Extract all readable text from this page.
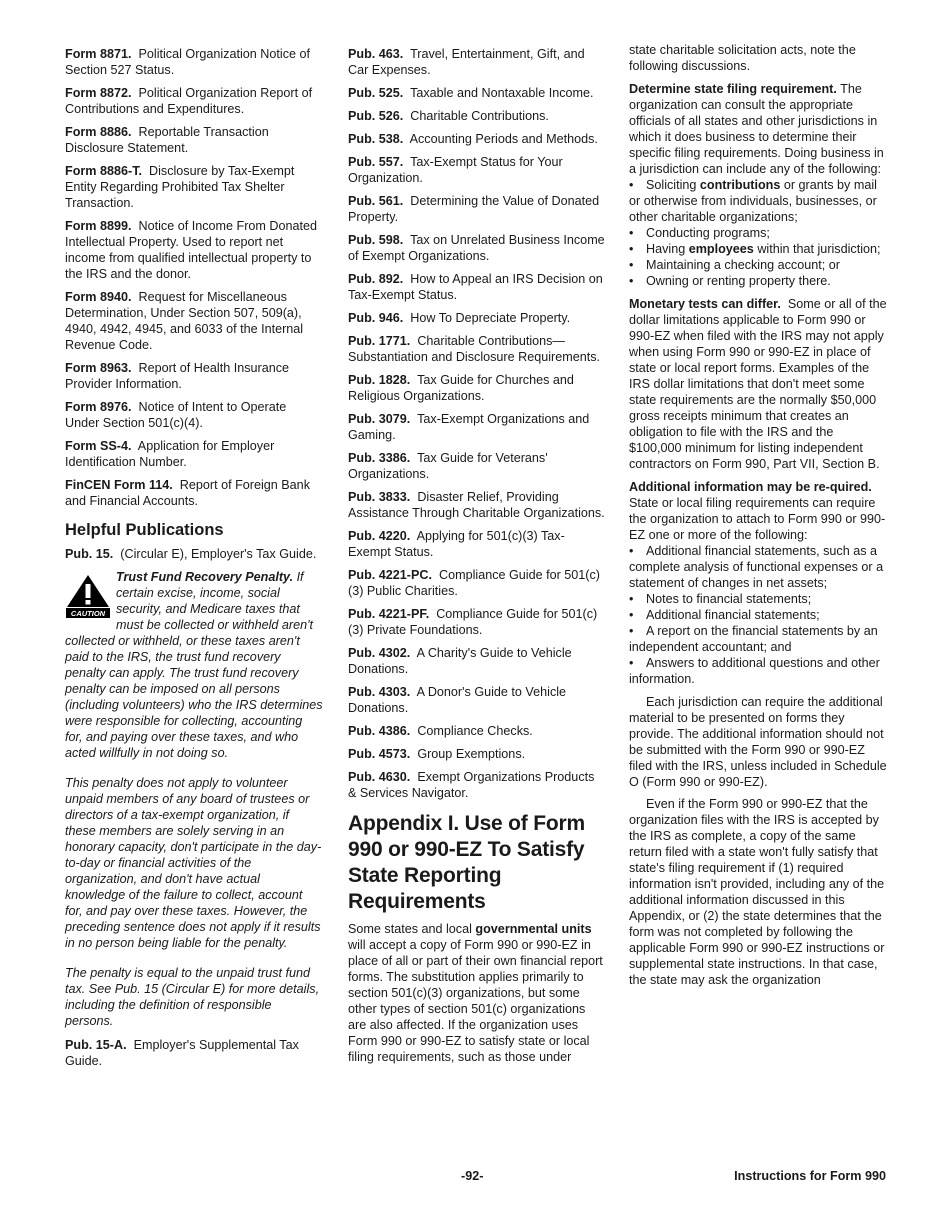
Form 8871. Political Organization Notice of Section 527 Status.

Form 8872. Political Organization Report of Contributions and Expenditures.

Form 8886. Reportable Transaction Disclosure Statement.

Form 8886-T. Disclosure by Tax-Exempt Entity Regarding Prohibited Tax Shelter Transaction.

Form 8899. Notice of Income From Donated Intellectual Property. Used to report net income from qualified intellectual property to the IRS and the donor.

Form 8940. Request for Miscellaneous Determination, Under Section 507, 509(a), 4940, 4942, 4945, and 6033 of the Internal Revenue Code.

Form 8963. Report of Health Insurance Provider Information.

Form 8976. Notice of Intent to Operate Under Section 501(c)(4).

Form SS-4. Application for Employer Identification Number.

FinCEN Form 114. Report of Foreign Bank and Financial Accounts.

Helpful Publications

Pub. 15. (Circular E), Employer's Tax Guide.

CAUTION
Trust Fund Recovery Penalty. If certain excise, income, social security, and Medicare taxes that must be collected or withheld aren't collected or withheld, or these taxes aren't paid to the IRS, the trust fund recovery penalty can apply. The trust fund recovery penalty can be imposed on all persons (including volunteers) who the IRS determines were responsible for collecting, accounting for, and paying over these taxes, and who acted willfully in not doing so.

This penalty does not apply to volunteer unpaid members of any board of trustees or directors of a tax-exempt organization, if these members are solely serving in an honorary capacity, don't participate in the day-to-day or financial activities of the organization, and don't have actual knowledge of the failure to collect, account for, and pay over these taxes. However, the preceding sentence does not apply if it results in no person being liable for the penalty.

The penalty is equal to the unpaid trust fund tax. See Pub. 15 (Circular E) for more details, including the definition of responsible persons.

Pub. 15-A. Employer's Supplemental Tax Guide.

Pub. 463. Travel, Entertainment, Gift, and Car Expenses.

Pub. 525. Taxable and Nontaxable Income.

Pub. 526. Charitable Contributions.

Pub. 538. Accounting Periods and Methods.

Pub. 557. Tax-Exempt Status for Your Organization.

Pub. 561. Determining the Value of Donated Property.

Pub. 598. Tax on Unrelated Business Income of Exempt Organizations.

Pub. 892. How to Appeal an IRS Decision on Tax-Exempt Status.

Pub. 946. How To Depreciate Property.

Pub. 1771. Charitable Contributions—Substantiation and Disclosure Requirements.

Pub. 1828. Tax Guide for Churches and Religious Organizations.

Pub. 3079. Tax-Exempt Organizations and Gaming.

Pub. 3386. Tax Guide for Veterans' Organizations.

Pub. 3833. Disaster Relief, Providing Assistance Through Charitable Organizations.

Pub. 4220. Applying for 501(c)(3) Tax-Exempt Status.

Pub. 4221-PC. Compliance Guide for 501(c)(3) Public Charities.

Pub. 4221-PF. Compliance Guide for 501(c)(3) Private Foundations.

Pub. 4302. A Charity's Guide to Vehicle Donations.

Pub. 4303. A Donor's Guide to Vehicle Donations.

Pub. 4386. Compliance Checks.

Pub. 4573. Group Exemptions.

Pub. 4630. Exempt Organizations Products & Services Navigator.

Appendix I. Use of Form 990 or 990-EZ To Satisfy State Reporting Requirements

Some states and local governmental units will accept a copy of Form 990 or 990-EZ in place of all or part of their own financial report forms. The substitution applies primarily to section 501(c)(3) organizations, but some other types of section 501(c) organizations are also affected. If the organization uses Form 990 or 990-EZ to satisfy state or local filing requirements, such as those under

state charitable solicitation acts, note the following discussions.

Determine state filing requirement. The organization can consult the appropriate officials of all states and other jurisdictions in which it does business to determine their specific filing requirements. Doing business in a jurisdiction can include any of the following:
• Soliciting contributions or grants by mail or otherwise from individuals, businesses, or other charitable organizations;
• Conducting programs;
• Having employees within that jurisdiction;
• Maintaining a checking account; or
• Owning or renting property there.

Monetary tests can differ. Some or all of the dollar limitations applicable to Form 990 or 990-EZ when filed with the IRS may not apply when using Form 990 or 990-EZ in place of state or local report forms. Examples of the IRS dollar limitations that don't meet some state requirements are the normally $50,000 gross receipts minimum that creates an obligation to file with the IRS and the $100,000 minimum for listing independent contractors on Form 990, Part VII, Section B.

Additional information may be re-quired.  State or local filing requirements can require the organization to attach to Form 990 or 990-EZ one or more of the following:
• Additional financial statements, such as a complete analysis of functional expenses or a statement of changes in net assets;
• Notes to financial statements;
• Additional financial statements;
• A report on the financial statements by an independent accountant; and
• Answers to additional questions and other information.

Each jurisdiction can require the additional material to be presented on forms they provide. The additional information should not be submitted with the Form 990 or 990-EZ filed with the IRS, unless included in Schedule O (Form 990 or 990-EZ).

Even if the Form 990 or 990-EZ that the organization files with the IRS is accepted by the IRS as complete, a copy of the same return filed with a state won't fully satisfy that state's filing requirement if (1) required information isn't provided, including any of the additional information discussed in this Appendix, or (2) the state determines that the form was not completed by following the applicable Form 990 or 990-EZ instructions or supplemental state instructions. In that case, the state may ask the organization

-92-	Instructions for Form 990
